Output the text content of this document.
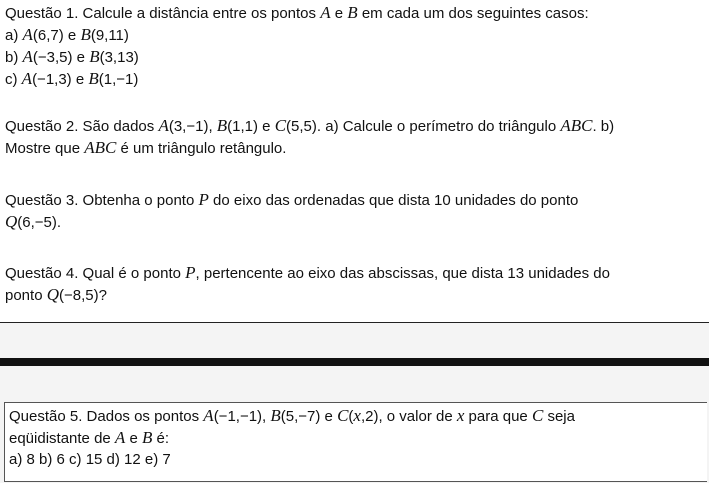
Questão 1. Calcule a distância entre os pontos A e B em cada um dos seguintes casos:
a) A(6,7) e B(9,11)
b) A(−3,5) e B(3,13)
c) A(−1,3) e B(1,−1)
Questão 2. São dados A(3,−1), B(1,1) e C(5,5). a) Calcule o perímetro do triângulo ABC. b)
Mostre que ABC é um triângulo retângulo.
Questão 3. Obtenha o ponto P do eixo das ordenadas que dista 10 unidades do ponto
Q(6,−5).
Questão 4. Qual é o ponto P, pertencente ao eixo das abscissas, que dista 13 unidades do
ponto Q(−8,5)?
Questão 5. Dados os pontos A(−1,−1), B(5,−7) e C(x,2), o valor de x para que C seja
eqüidistante de A e B é:
a) 8 b) 6 c) 15 d) 12 e) 7
